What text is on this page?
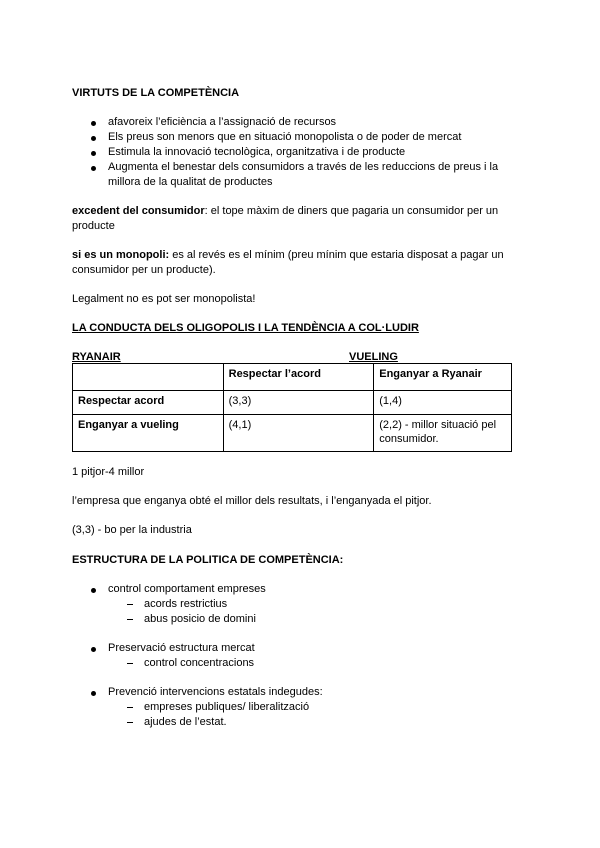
VIRTUTS DE LA COMPETÈNCIA
afavoreix l’eficiència a l’assignació de recursos
Els preus son menors que en situació monopolista o de poder de mercat
Estimula la innovació tecnològica, organitzativa i de producte
Augmenta el benestar dels consumidors a través de les reduccions de preus i la
millora de la qualitat de productes
excedent del consumidor: el tope màxim de diners que pagaria un consumidor per un
producte
si es un monopoli: es al revés es el mínim (preu mínim que estaria disposat a pagar un
consumidor per un producte).
Legalment no es pot ser monopolista!
LA CONDUCTA DELS OLIGOPOLIS I LA TENDÈNCIA A COL·LUDIR
RYANAIR	VUELING
	Respectar l’acord	Enganyar a Ryanair
Respectar acord	(3,3)	(1,4)
Enganyar a vueling	(4,1)	(2,2) - millor situació pel consumidor.
1 pitjor-4 millor
l’empresa que enganya obté el millor dels resultats, i l’enganyada el pitjor.
(3,3) - bo per la industria
ESTRUCTURA DE LA POLITICA DE COMPETÈNCIA:
control comportament empreses
acords restrictius
abus posicio de domini
Preservació estructura mercat
control concentracions
Prevenció intervencions estatals indegudes:
empreses publiques/ liberalització
ajudes de l’estat.
